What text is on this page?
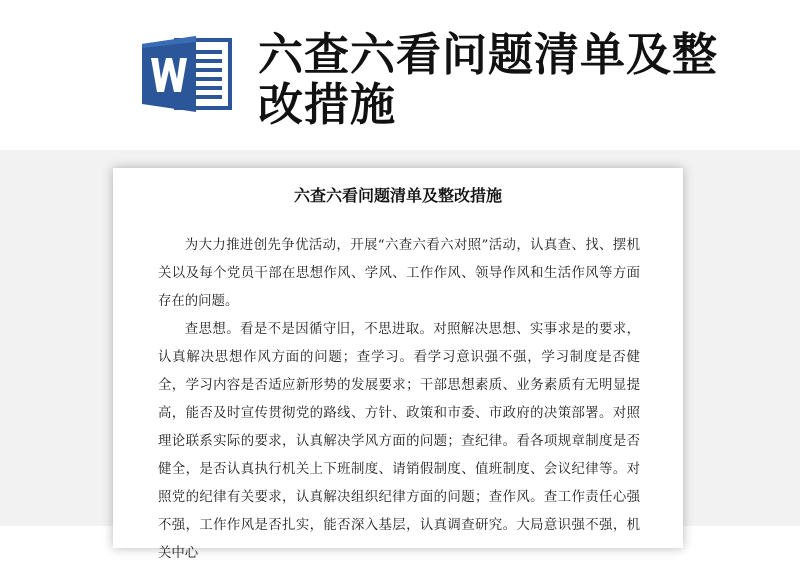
六查六看问题清单及整改措施
六查六看问题清单及整改措施

为大力推进创先争优活动，开展“六查六看六对照”活动，认真查、找、摆机关以及每个党员干部在思想作风、学风、工作作风、领导作风和生活作风等方面存在的问题。

查思想。看是不是因循守旧，不思进取。对照解决思想、实事求是的要求，认真解决思想作风方面的问题；查学习。看学习意识强不强，学习制度是否健全，学习内容是否适应新形势的发展要求；干部思想素质、业务素质有无明显提高，能否及时宣传贯彻党的路线、方针、政策和市委、市政府的决策部署。对照理论联系实际的要求，认真解决学风方面的问题；查纪律。看各项规章制度是否健全，是否认真执行机关上下班制度、请销假制度、值班制度、会议纪律等。对照党的纪律有关要求，认真解决组织纪律方面的问题；查作风。查工作责任心强不强，工作作风是否扎实，能否深入基层，认真调查研究。大局意识强不强，机关中心
